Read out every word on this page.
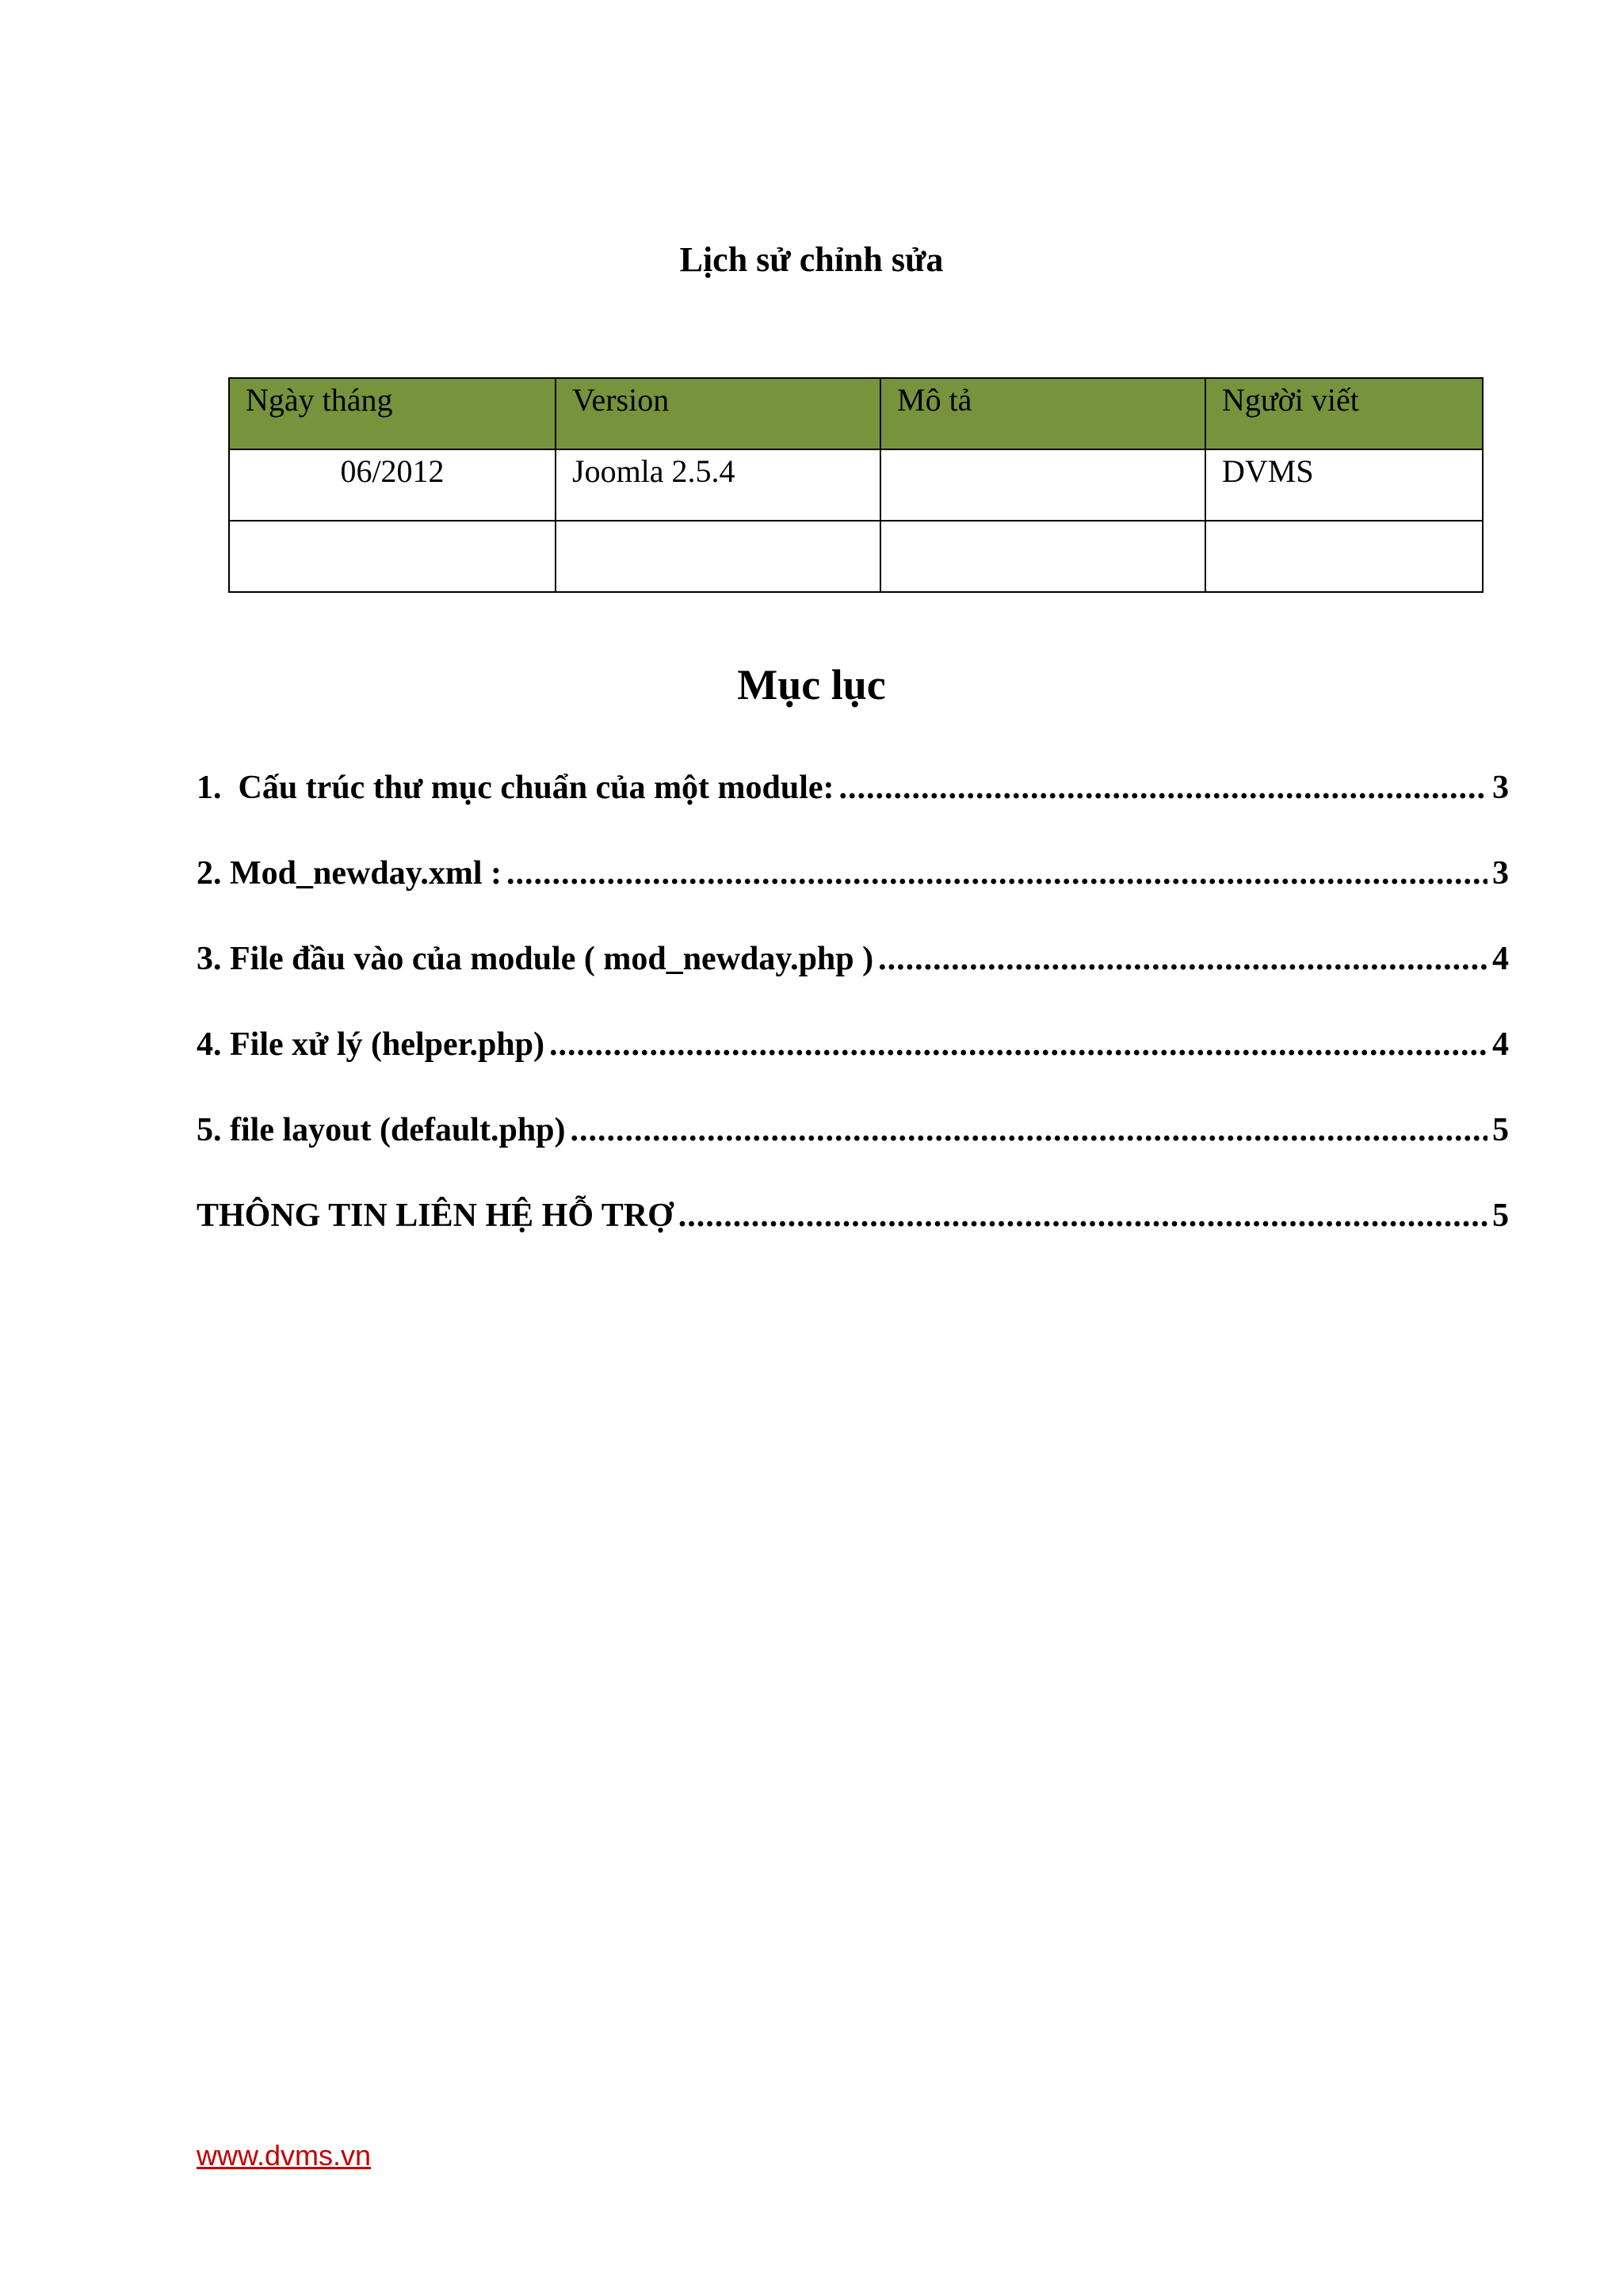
Lịch sử chỉnh sửa
Ngày tháng	Version	Mô tả	Người viết
06/2012	Joomla 2.5.4		DVMS

Mục lục
1.  Cấu trúc thư mục chuẩn của một module: .....	3
2. Mod_newday.xml : .....	3
3. File đầu vào của module ( mod_newday.php ) .....	4
4. File xử lý (helper.php) .....	4
5. file layout (default.php) .....	5
THÔNG TIN LIÊN HỆ HỖ TRỢ .....	5
www.dvms.vn
